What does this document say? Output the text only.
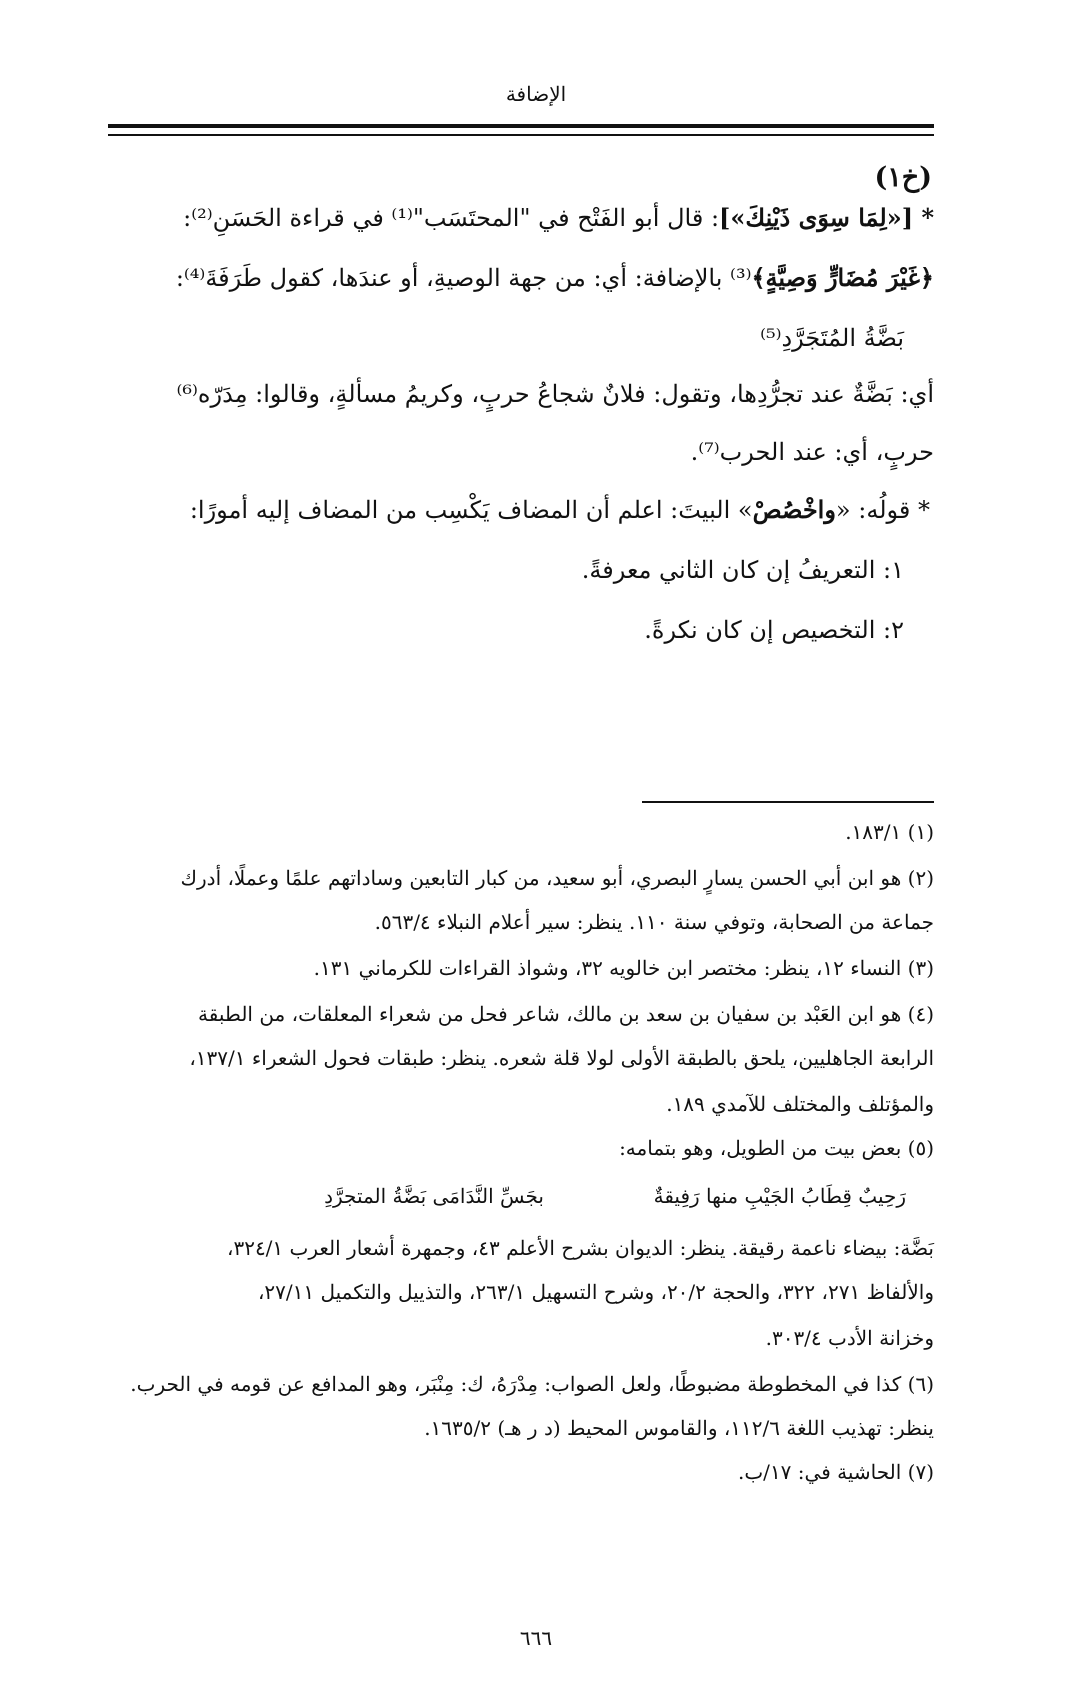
الإضافة
(خ١)
* [«لِمَا سِوَى ذَيْنِكَ»]: قال أبو الفَتْح في "المحتَسَب"⁽¹⁾ في قراءة الحَسَنِ⁽²⁾:
﴿غَيْرَ مُضَارٍّ وَصِيَّةٍ﴾⁽³⁾ بالإضافة: أي: من جهة الوصيةِ، أو عندَها، كقول طَرَفَةَ⁽⁴⁾:
بَضَّةُ المُتَجَرَّدِ⁽⁵⁾
أي: بَضَّةٌ عند تجرُّدِها، وتقول: فلانٌ شجاعُ حربٍ، وكريمُ مسألةٍ، وقالوا: مِدَرّه⁽⁶⁾
حربٍ، أي: عند الحرب⁽⁷⁾.
* قولُه: «واخْصُصْ» البيتَ: اعلم أن المضاف يَكْسِب من المضاف إليه أمورًا:
١: التعريفُ إن كان الثاني معرفةً.
٢: التخصيص إن كان نكرةً.
(١) ١٨٣/١.
(٢) هو ابن أبي الحسن يسارٍ البصري، أبو سعيد، من كبار التابعين وساداتهم علمًا وعملًا، أدرك
جماعة من الصحابة، وتوفي سنة ١١٠. ينظر: سير أعلام النبلاء ٥٦٣/٤.
(٣) النساء ١٢، ينظر: مختصر ابن خالويه ٣٢، وشواذ القراءات للكرماني ١٣١.
(٤) هو ابن العَبْد بن سفيان بن سعد بن مالك، شاعر فحل من شعراء المعلقات، من الطبقة
الرابعة الجاهليين، يلحق بالطبقة الأولى لولا قلة شعره. ينظر: طبقات فحول الشعراء ١٣٧/١،
والمؤتلف والمختلف للآمدي ١٨٩.
(٥) بعض بيت من الطويل، وهو بتمامه:
رَحِيبٌ قِطَابُ الجَيْبِ منها رَفِيقةٌ
بجَسِّ النَّدَامَى بَضَّةُ المتجرَّدِ
بَضَّة: بيضاء ناعمة رقيقة. ينظر: الديوان بشرح الأعلم ٤٣، وجمهرة أشعار العرب ٣٢٤/١،
والألفاظ ٢٧١، ٣٢٢، والحجة ٢٠/٢، وشرح التسهيل ٢٦٣/١، والتذييل والتكميل ٢٧/١١،
وخزانة الأدب ٣٠٣/٤.
(٦) كذا في المخطوطة مضبوطًا، ولعل الصواب: مِدْرَهُ، ك: مِنْبَر، وهو المدافع عن قومه في الحرب.
ينظر: تهذيب اللغة ١١٢/٦، والقاموس المحيط (د ر هـ) ١٦٣٥/٢.
(٧) الحاشية في: ١٧/ب.
٦٦٦
